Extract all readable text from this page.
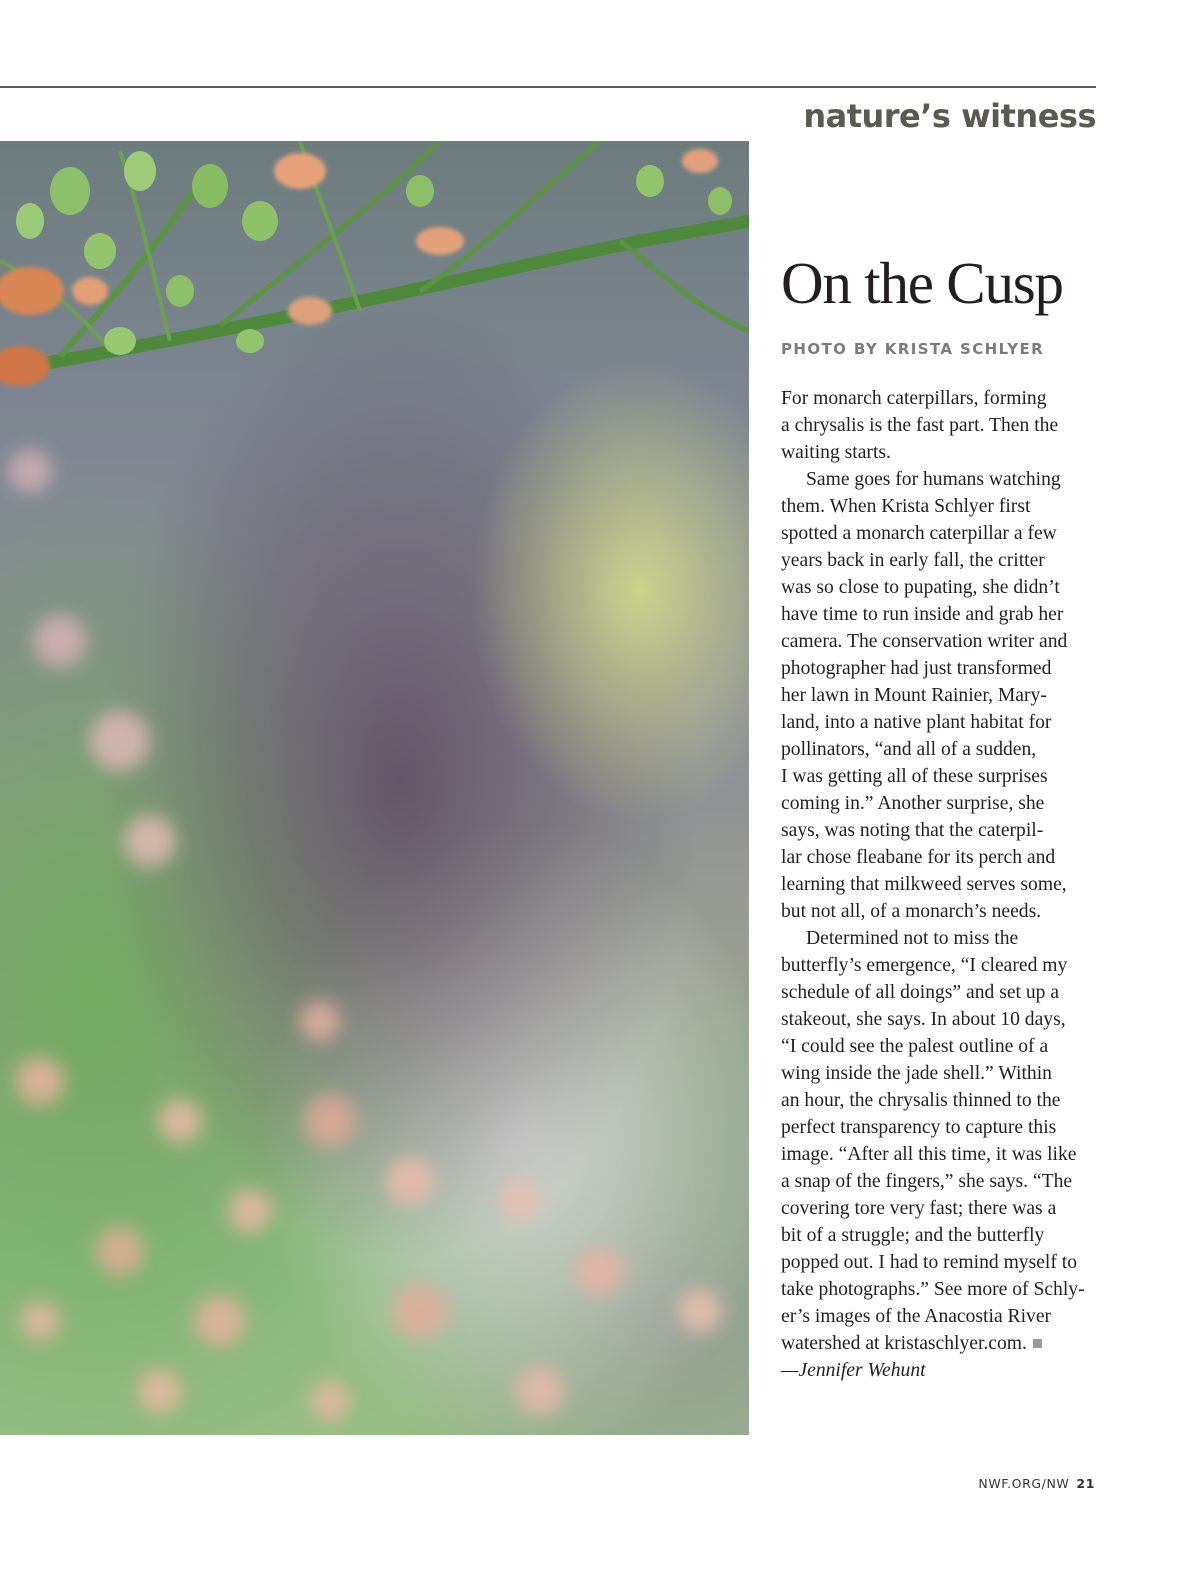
nature’s witness
On the Cusp
PHOTO BY KRISTA SCHLYER
For monarch caterpillars, forming
a chrysalis is the fast part. Then the
waiting starts.
Same goes for humans watching
them. When Krista Schlyer first
spotted a monarch caterpillar a few
years back in early fall, the critter
was so close to pupating, she didn’t
have time to run inside and grab her
camera. The conservation writer and
photographer had just transformed
her lawn in Mount Rainier, Mary-
land, into a native plant habitat for
pollinators, “and all of a sudden,
I was getting all of these surprises
coming in.” Another surprise, she
says, was noting that the caterpil-
lar chose fleabane for its perch and
learning that milkweed serves some,
but not all, of a monarch’s needs.
Determined not to miss the
butterfly’s emergence, “I cleared my
schedule of all doings” and set up a
stakeout, she says. In about 10 days,
“I could see the palest outline of a
wing inside the jade shell.” Within
an hour, the chrysalis thinned to the
perfect transparency to capture this
image. “After all this time, it was like
a snap of the fingers,” she says. “The
covering tore very fast; there was a
bit of a struggle; and the butterfly
popped out. I had to remind myself to
take photographs.” See more of Schly-
er’s images of the Anacostia River
watershed at kristaschlyer.com.
—Jennifer Wehunt
NWF.ORG/NW 21
